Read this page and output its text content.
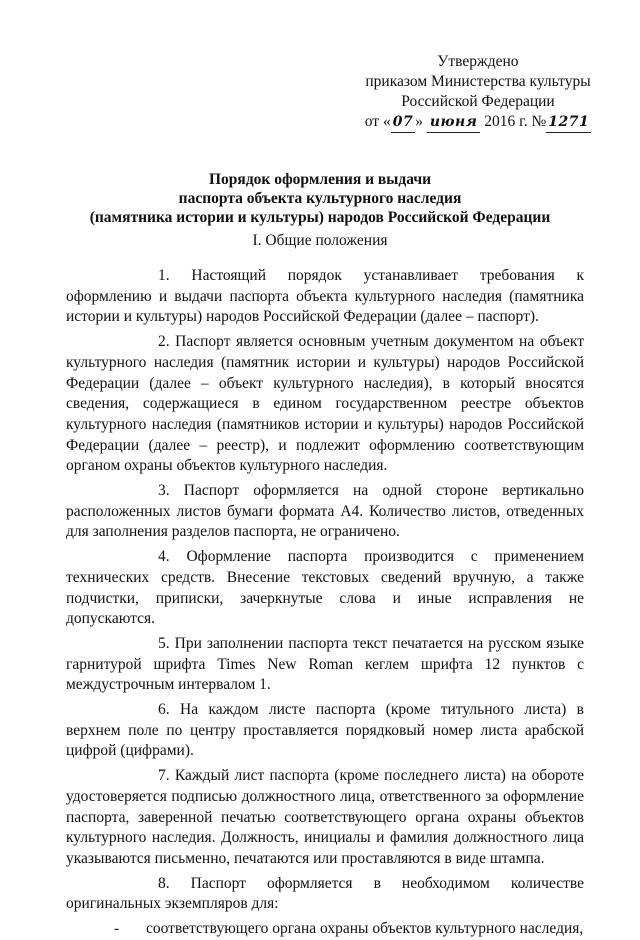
Утверждено
приказом Министерства культуры
Российской Федерации
от « 07 » июня 2016 г. № 1271
Порядок оформления и выдачи
паспорта объекта культурного наследия
(памятника истории и культуры) народов Российской Федерации
I. Общие положения

1. Настоящий порядок устанавливает требования к оформлению и выдачи паспорта объекта культурного наследия (памятника истории и культуры) народов Российской Федерации (далее – паспорт).

2. Паспорт является основным учетным документом на объект культурного наследия (памятник истории и культуры) народов Российской Федерации (далее – объект культурного наследия), в который вносятся сведения, содержащиеся в едином государственном реестре объектов культурного наследия (памятников истории и культуры) народов Российской Федерации (далее – реестр), и подлежит оформлению соответствующим органом охраны объектов культурного наследия.

3. Паспорт оформляется на одной стороне вертикально расположенных листов бумаги формата А4. Количество листов, отведенных для заполнения разделов паспорта, не ограничено.

4. Оформление паспорта производится с применением технических средств. Внесение текстовых сведений вручную, а также подчистки, приписки, зачеркнутые слова и иные исправления не допускаются.

5. При заполнении паспорта текст печатается на русском языке гарнитурой шрифта Times New Roman кеглем шрифта 12 пунктов с междустрочным интервалом 1.

6. На каждом листе паспорта (кроме титульного листа) в верхнем поле по центру проставляется порядковый номер листа арабской цифрой (цифрами).

7. Каждый лист паспорта (кроме последнего листа) на обороте удостоверяется подписью должностного лица, ответственного за оформление паспорта, заверенной печатью соответствующего органа охраны объектов культурного наследия. Должность, инициалы и фамилия должностного лица указываются письменно, печатаются или проставляются в виде штампа.

8. Паспорт оформляется в необходимом количестве оригинальных экземпляров для:

- соответствующего органа охраны объектов культурного наследия,
